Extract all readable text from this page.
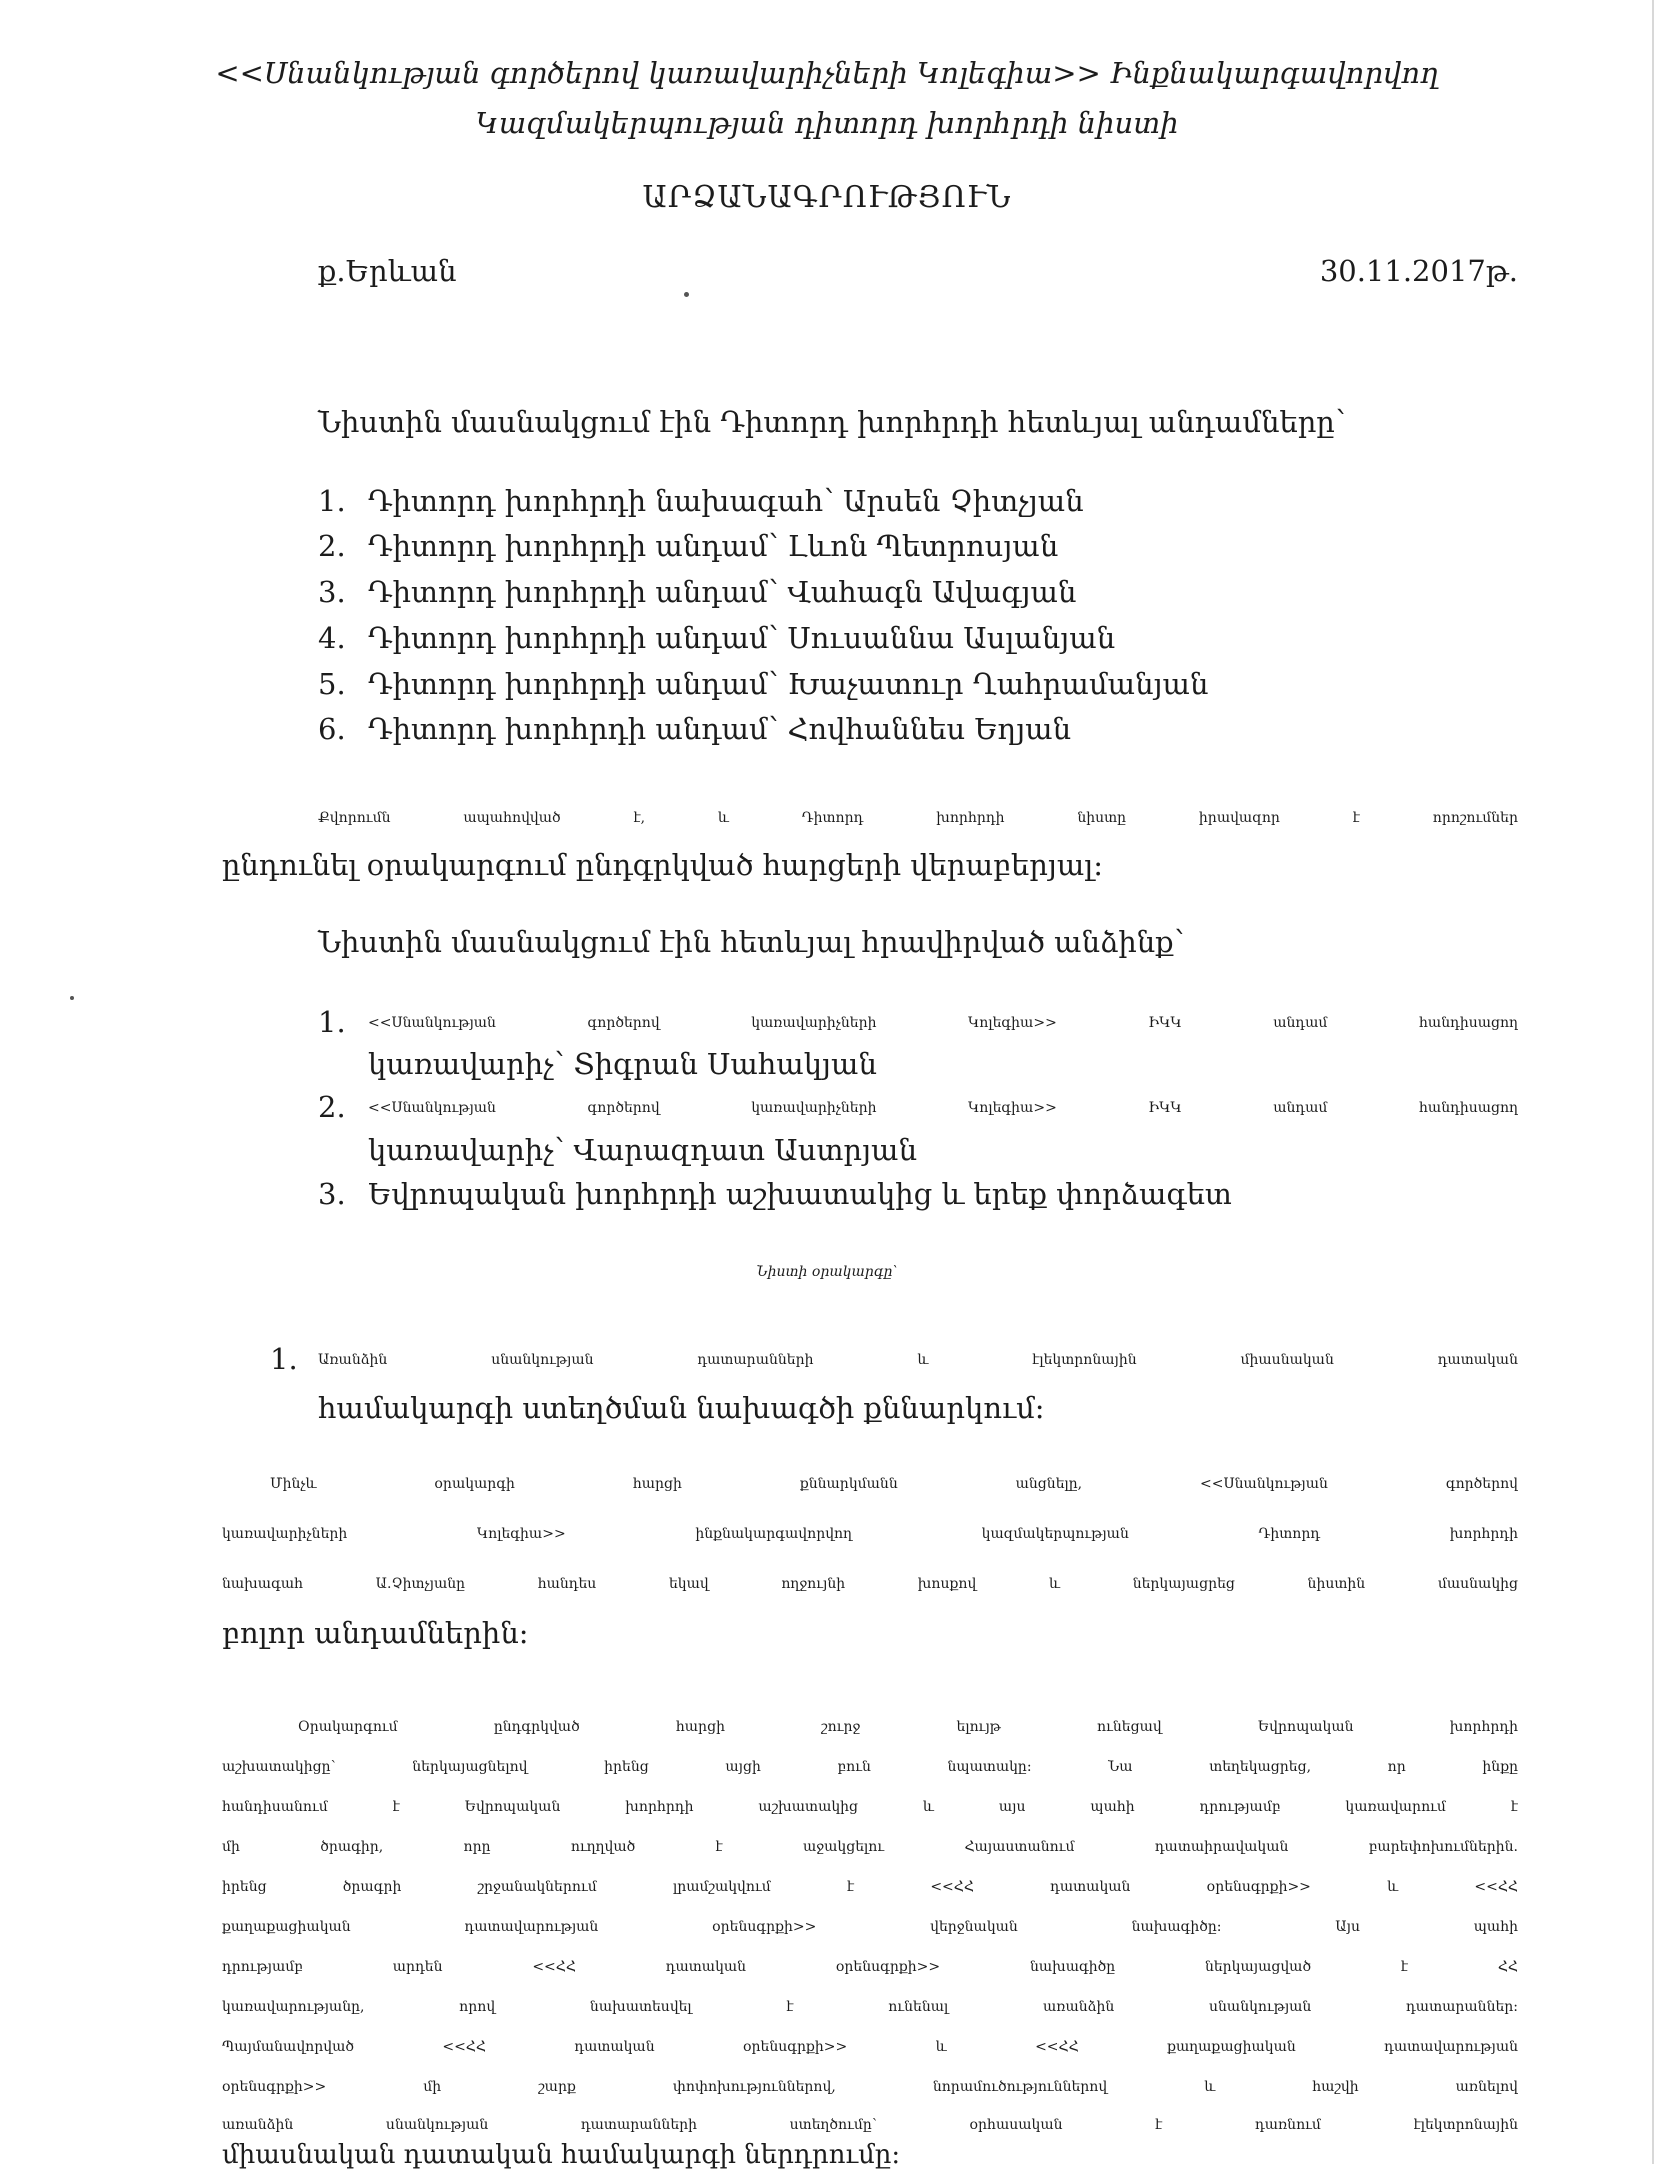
<<Սնանկության գործերով կառավարիչների Կոլեգիա>> Ինքնակարգավորվող
Կազմակերպության դիտորդ խորհրդի նիստի
ԱՐՁԱՆԱԳՐՈՒԹՅՈՒՆ
ք.Երևան	30.11.2017թ.
Նիստին մասնակցում էին Դիտորդ խորհրդի հետևյալ անդամները՝
1. Դիտորդ խորհրդի նախագահ՝ Արսեն Չիտչյան
2. Դիտորդ խորհրդի անդամ՝ Լևոն Պետրոսյան
3. Դիտորդ խորհրդի անդամ՝ Վահագն Ավագյան
4. Դիտորդ խորհրդի անդամ՝ Սուսաննա Ասլանյան
5. Դիտորդ խորհրդի անդամ՝ Խաչատուր Ղահրամանյան
6. Դիտորդ խորհրդի անդամ՝ Հովհաննես Եղյան
Քվորումն ապահովված է, և Դիտորդ խորհրդի նիստը իրավազոր է որոշումներ
ընդունել օրակարգում ընդգրկված հարցերի վերաբերյալ:
Նիստին մասնակցում էին հետևյալ հրավիրված անձինք՝
1. <<Սնանկության գործերով կառավարիչների Կոլեգիա>> ԻԿԿ անդամ հանդիսացող
կառավարիչ՝ Տիգրան Սահակյան
2. <<Սնանկության գործերով կառավարիչների Կոլեգիա>> ԻԿԿ անդամ հանդիսացող
կառավարիչ՝ Վարազդատ Աստրյան
3. Եվրոպական խորհրդի աշխատակից և երեք փորձագետ
Նիստի օրակարգը՝
1. Առանձին սնանկության դատարանների և էլեկտրոնային միասնական դատական
համակարգի ստեղծման նախագծի քննարկում:
Մինչև օրակարգի հարցի քննարկմանն անցնելը, <<Սնանկության գործերով
կառավարիչների Կոլեգիա>> ինքնակարգավորվող կազմակերպության Դիտորդ խորհրդի
նախագահ Ա.Չիտչյանը հանդես եկավ ողջույնի խոսքով և ներկայացրեց նիստին մասնակից
բոլոր անդամներին:
Օրակարգում ընդգրկված հարցի շուրջ ելույթ ունեցավ Եվրոպական խորհրդի
աշխատակիցը՝ ներկայացնելով իրենց այցի բուն նպատակը: Նա տեղեկացրեց, որ ինքը
հանդիսանում է Եվրոպական խորհրդի աշխատակից և այս պահի դրությամբ կառավարում է
մի ծրագիր, որը ուղղված է աջակցելու Հայաստանում դատաիրավական բարեփոխումներին.
իրենց ծրագրի շրջանակներում լրամշակվում է <<ՀՀ դատական օրենսգրքի>> և <<ՀՀ
քաղաքացիական դատավարության օրենսգրքի>> վերջնական նախագիծը: Այս պահի
դրությամբ արդեն <<ՀՀ դատական օրենսգրքի>> նախագիծը ներկայացված է ՀՀ
կառավարությանը, որով նախատեսվել է ունենալ առանձին սնանկության դատարաններ:
Պայմանավորված <<ՀՀ դատական օրենսգրքի>> և <<ՀՀ քաղաքացիական դատավարության
օրենսգրքի>> մի շարք փոփոխություններով, նորամուծություններով և հաշվի առնելով
առանձին սնանկության դատարանների ստեղծումը՝ օրհասական է դառնում էլեկտրոնային
միասնական դատական համակարգի ներդրումը:
